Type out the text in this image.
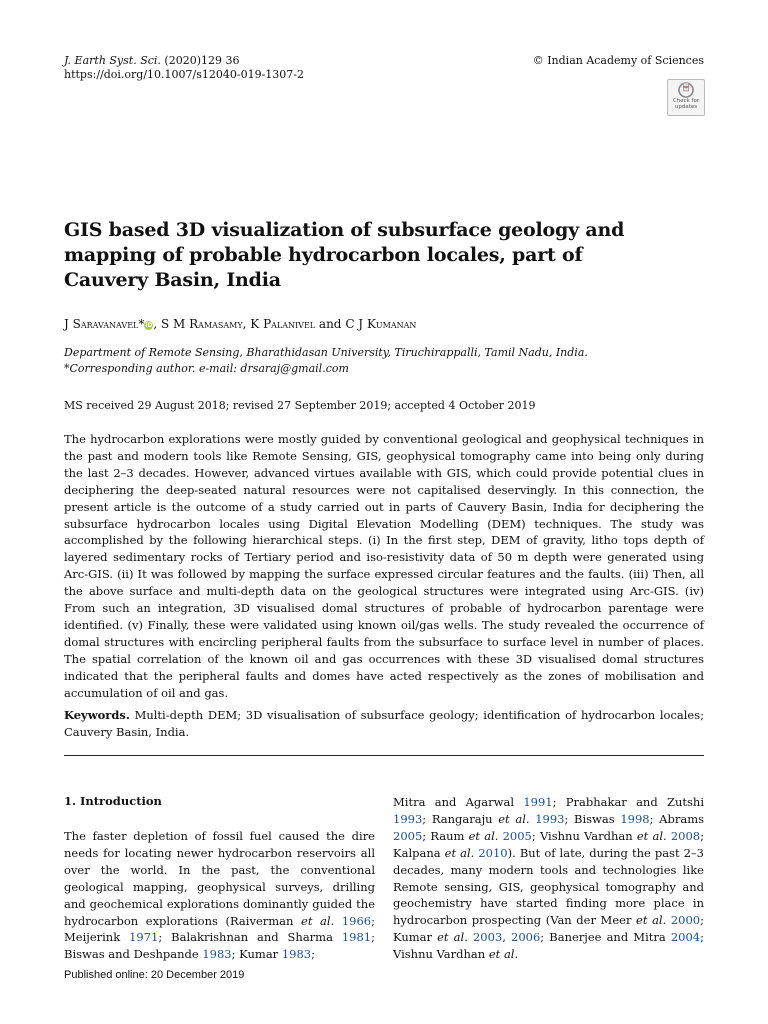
J. Earth Syst. Sci. (2020)129 36
https://doi.org/10.1007/s12040-019-1307-2
© Indian Academy of Sciences
Check for
updates
GIS based 3D visualization of subsurface geology and mapping of probable hydrocarbon locales, part of Cauvery Basin, India
J Saravanavel*iD, S M Ramasamy, K Palanivel and C J Kumanan
Department of Remote Sensing, Bharathidasan University, Tiruchirappalli, Tamil Nadu, India.
*Corresponding author. e-mail: drsaraj@gmail.com
MS received 29 August 2018; revised 27 September 2019; accepted 4 October 2019

The hydrocarbon explorations were mostly guided by conventional geological and geophysical techniques in the past and modern tools like Remote Sensing, GIS, geophysical tomography came into being only during the last 2–3 decades. However, advanced virtues available with GIS, which could provide potential clues in deciphering the deep-seated natural resources were not capitalised deservingly. In this connection, the present article is the outcome of a study carried out in parts of Cauvery Basin, India for deciphering the subsurface hydrocarbon locales using Digital Elevation Modelling (DEM) techniques. The study was accomplished by the following hierarchical steps. (i) In the first step, DEM of gravity, litho tops depth of layered sedimentary rocks of Tertiary period and iso-resistivity data of 50 m depth were generated using Arc-GIS. (ii) It was followed by mapping the surface expressed circular features and the faults. (iii) Then, all the above surface and multi-depth data on the geological structures were integrated using Arc-GIS. (iv) From such an integration, 3D visualised domal structures of probable of hydrocarbon parentage were identified. (v) Finally, these were validated using known oil/gas wells. The study revealed the occurrence of domal structures with encircling peripheral faults from the subsurface to surface level in number of places. The spatial correlation of the known oil and gas occurrences with these 3D visualised domal structures indicated that the peripheral faults and domes have acted respectively as the zones of mobilisation and accumulation of oil and gas.

Keywords. Multi-depth DEM; 3D visualisation of subsurface geology; identification of hydrocarbon locales; Cauvery Basin, India.

1. Introduction

The faster depletion of fossil fuel caused the dire needs for locating newer hydrocarbon reservoirs all over the world. In the past, the conventional geological mapping, geophysical surveys, drilling and geochemical explorations dominantly guided the hydrocarbon explorations (Raiverman et al. 1966; Meijerink 1971; Balakrishnan and Sharma 1981; Biswas and Deshpande 1983; Kumar 1983;

Mitra and Agarwal 1991; Prabhakar and Zutshi 1993; Rangaraju et al. 1993; Biswas 1998; Abrams 2005; Raum et al. 2005; Vishnu Vardhan et al. 2008; Kalpana et al. 2010). But of late, during the past 2–3 decades, many modern tools and technologies like Remote sensing, GIS, geophysical tomography and geochemistry have started finding more place in hydrocarbon prospecting (Van der Meer et al. 2000; Kumar et al. 2003, 2006; Banerjee and Mitra 2004; Vishnu Vardhan et al.

Published online: 20 December 2019
